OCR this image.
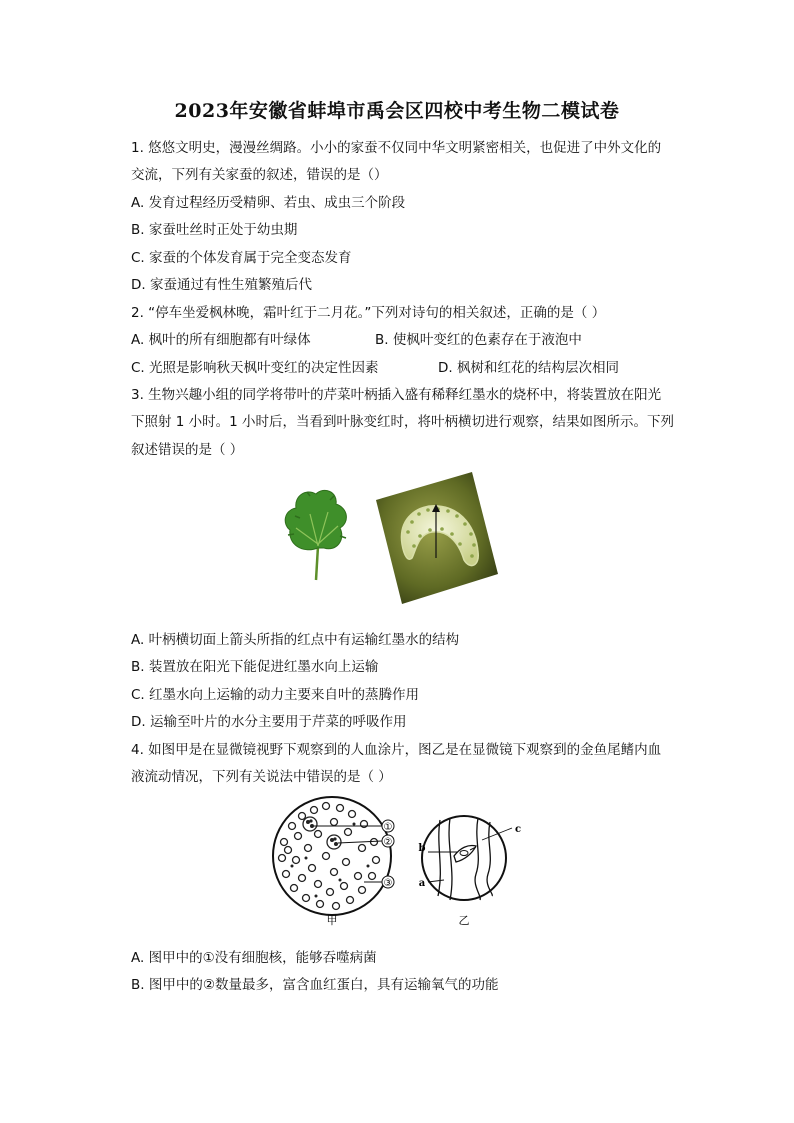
2023年安徽省蚌埠市禹会区四校中考生物二模试卷
1. 悠悠文明史，漫漫丝绸路。小小的家蚕不仅同中华文明紧密相关，也促进了中外文化的
交流，下列有关家蚕的叙述，错误的是（）
A. 发育过程经历受精卵、若虫、成虫三个阶段
B. 家蚕吐丝时正处于幼虫期
C. 家蚕的个体发育属于完全变态发育
D. 家蚕通过有性生殖繁殖后代
2. “停车坐爱枫林晚，霜叶红于二月花。”下列对诗句的相关叙述，正确的是（ ）
A. 枫叶的所有细胞都有叶绿体	B. 使枫叶变红的色素存在于液泡中
C. 光照是影响秋天枫叶变红的决定性因素	D. 枫树和红花的结构层次相同
3. 生物兴趣小组的同学将带叶的芹菜叶柄插入盛有稀释红墨水的烧杯中，将装置放在阳光
下照射 1 小时。1 小时后，当看到叶脉变红时，将叶柄横切进行观察，结果如图所示。下列
叙述错误的是（ ）
A. 叶柄横切面上箭头所指的红点中有运输红墨水的结构
B. 装置放在阳光下能促进红墨水向上运输
C. 红墨水向上运输的动力主要来自叶的蒸腾作用
D. 运输至叶片的水分主要用于芹菜的呼吸作用
4. 如图甲是在显微镜视野下观察到的人血涂片，图乙是在显微镜下观察到的金鱼尾鳍内血
液流动情况，下列有关说法中错误的是（ ）
①
②
③
甲
b
a
c
乙
A. 图甲中的①没有细胞核，能够吞噬病菌
B. 图甲中的②数量最多，富含血红蛋白，具有运输氧气的功能
